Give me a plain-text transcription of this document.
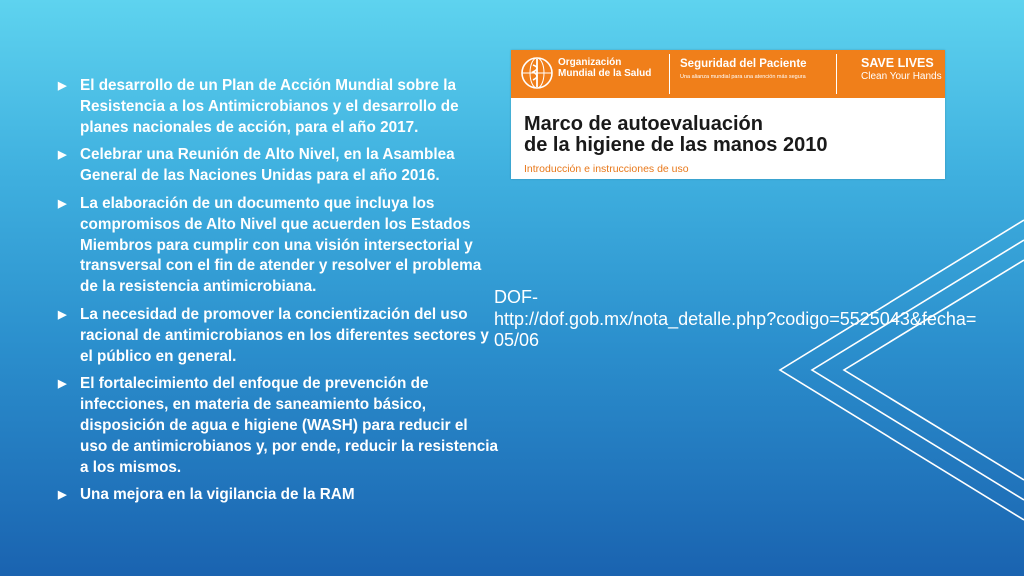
▶ El desarrollo de un Plan de Acción Mundial sobre la Resistencia a los Antimicrobianos y el desarrollo de planes nacionales de acción, para el año 2017.
▶ Celebrar una Reunión de Alto Nivel, en la Asamblea General de las Naciones Unidas para el año 2016.
▶ La elaboración de un documento que incluya los compromisos de Alto Nivel que acuerden los Estados Miembros para cumplir con una visión intersectorial y transversal con el fin de atender y resolver el problema de la resistencia antimicrobiana.
▶ La necesidad de promover la concientización del uso racional de antimicrobianos en los diferentes sectores y el público en general.
▶ El fortalecimiento del enfoque de prevención de infecciones, en materia de saneamiento básico, disposición de agua e higiene (WASH) para reducir el uso de antimicrobianos y, por ende, reducir la resistencia a los mismos.
▶ Una mejora en la vigilancia de la RAM
Organización
Mundial de la Salud
Seguridad del Paciente
Una alianza mundial para una atención más segura
SAVE LIVES
Clean Your Hands
Marco de autoevaluación
de la higiene de las manos 2010
Introducción e instrucciones de uso
DOF-
http://dof.gob.mx/nota_detalle.php?codigo=5525043&fecha=
05/06
